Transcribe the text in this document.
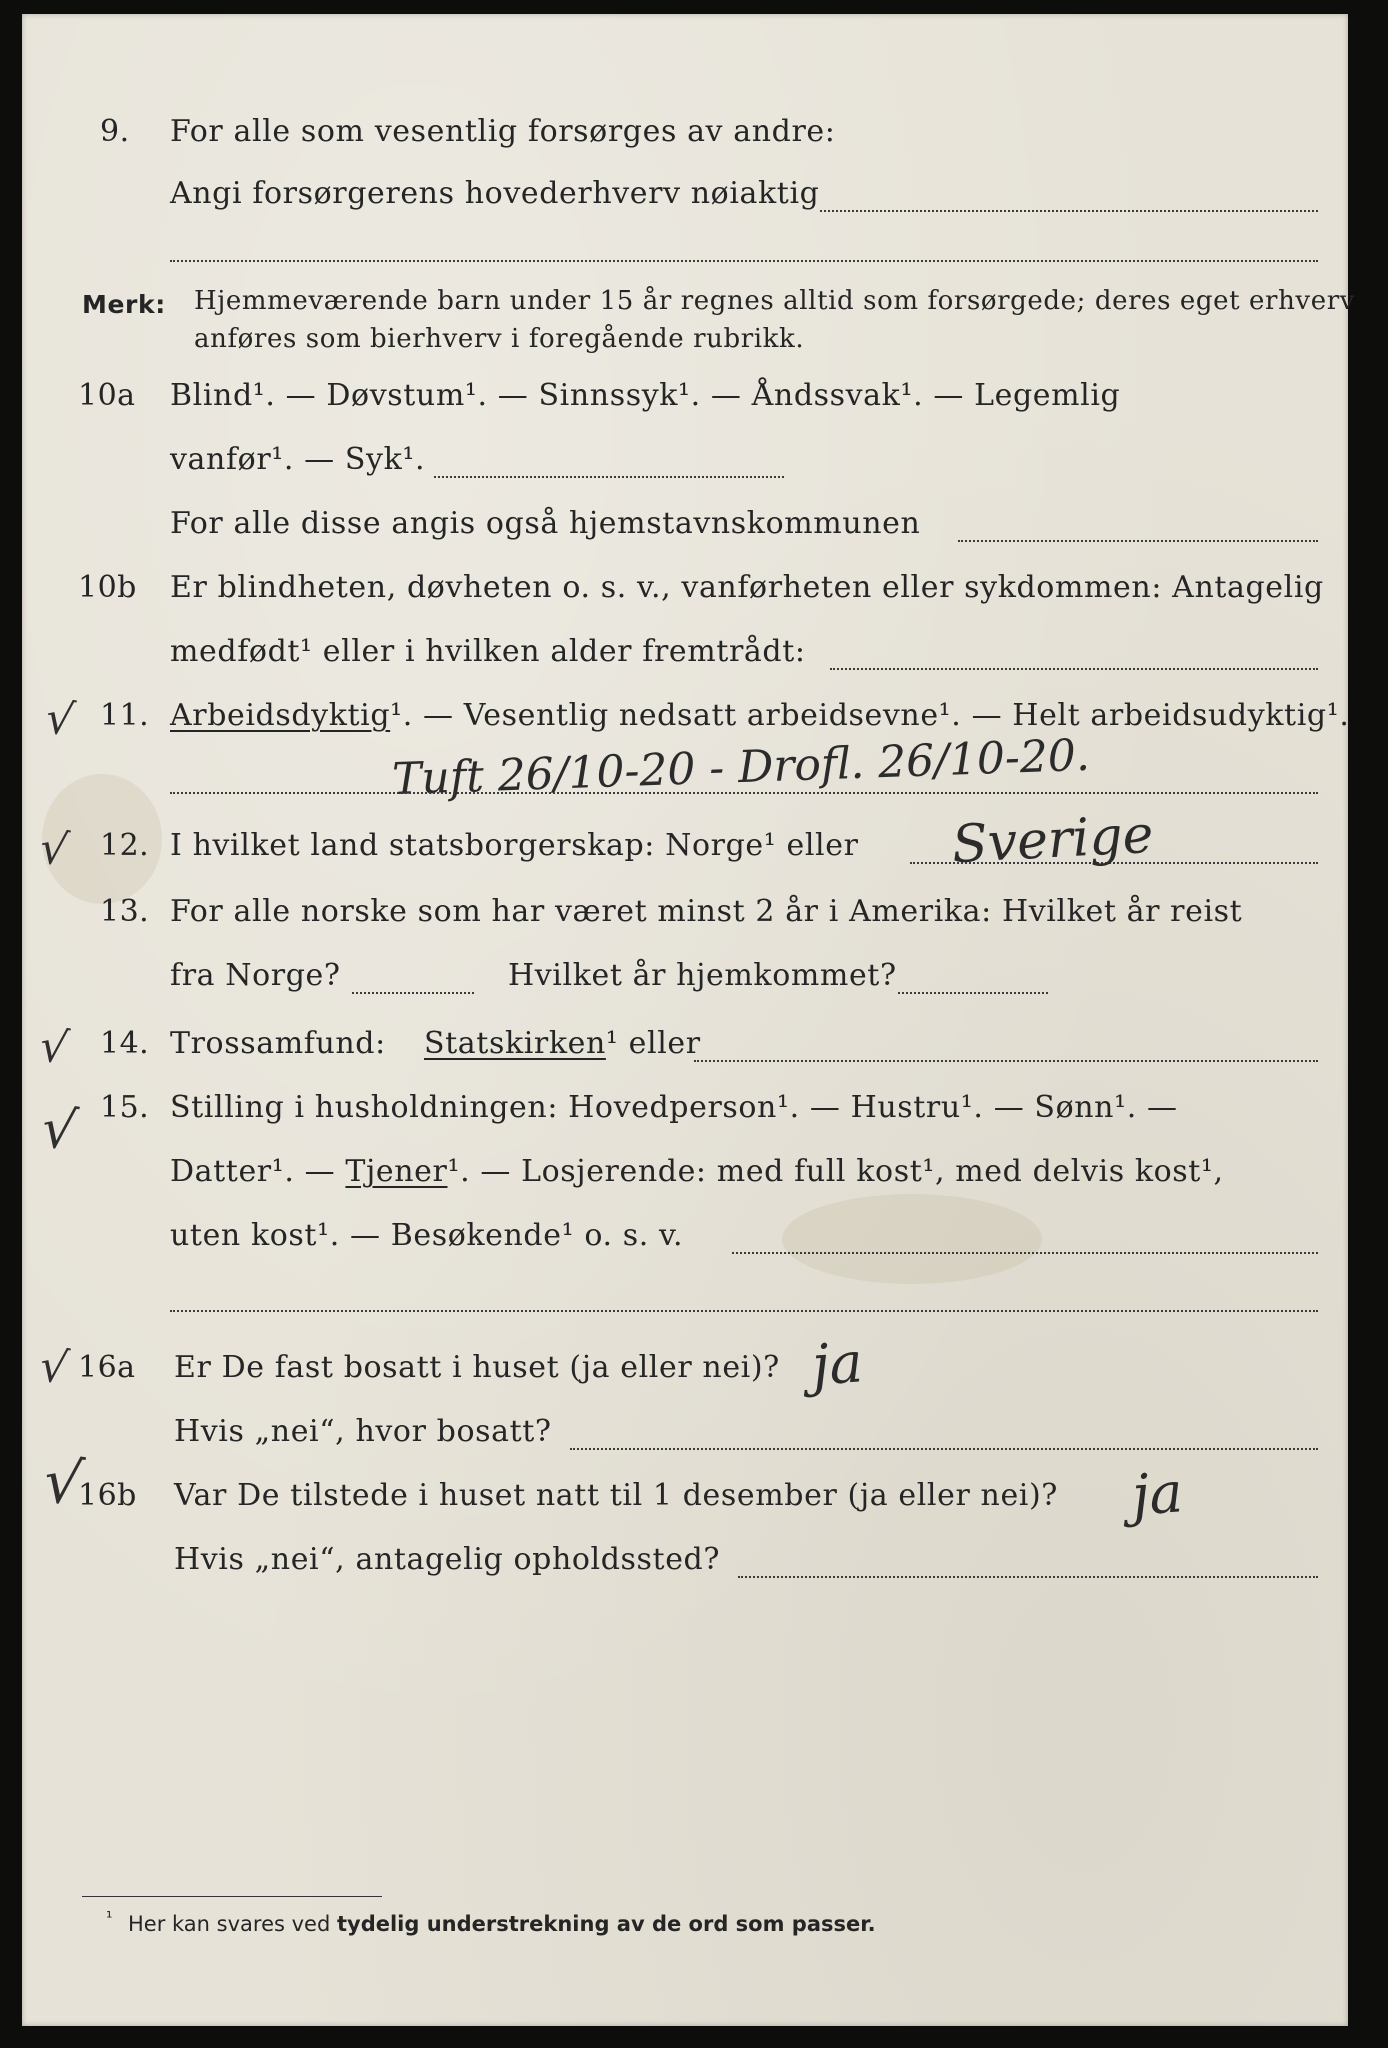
9. For alle som vesentlig forsørges av andre:
Angi forsørgerens hovederhverv nøiaktig
Merk: Hjemmeværende barn under 15 år regnes alltid som forsørgede; deres eget erhverv
anføres som bierhverv i foregående rubrikk.
10a Blind¹. — Døvstum¹. — Sinnssyk¹. — Åndssvak¹. — Legemlig
vanfør¹. — Syk¹.
For alle disse angis også hjemstavnskommunen
10b Er blindheten, døvheten o. s. v., vanførheten eller sykdommen: Antagelig
medfødt¹ eller i hvilken alder fremtrådt:
√ 11. Arbeidsdyktig¹. — Vesentlig nedsatt arbeidsevne¹. — Helt arbeidsudyktig¹.
Tuft 26/10-20 - Drofl. 26/10-20.
√ 12. I hvilket land statsborgerskap: Norge¹ eller Sverige
13. For alle norske som har været minst 2 år i Amerika: Hvilket år reist
fra Norge?	Hvilket år hjemkommet?
√ 14. Trossamfund: Statskirken¹ eller
√ 15. Stilling i husholdningen: Hovedperson¹. — Hustru¹. — Sønn¹. —
Datter¹. — Tjener¹. — Losjerende: med full kost¹, med delvis kost¹,
uten kost¹. — Besøkende¹ o. s. v.
√ 16a Er De fast bosatt i huset (ja eller nei)? ja
Hvis „nei“, hvor bosatt?
√
16b Var De tilstede i huset natt til 1 desember (ja eller nei)? ja
Hvis „nei“, antagelig opholdssted?
¹ Her kan svares ved tydelig understrekning av de ord som passer.
